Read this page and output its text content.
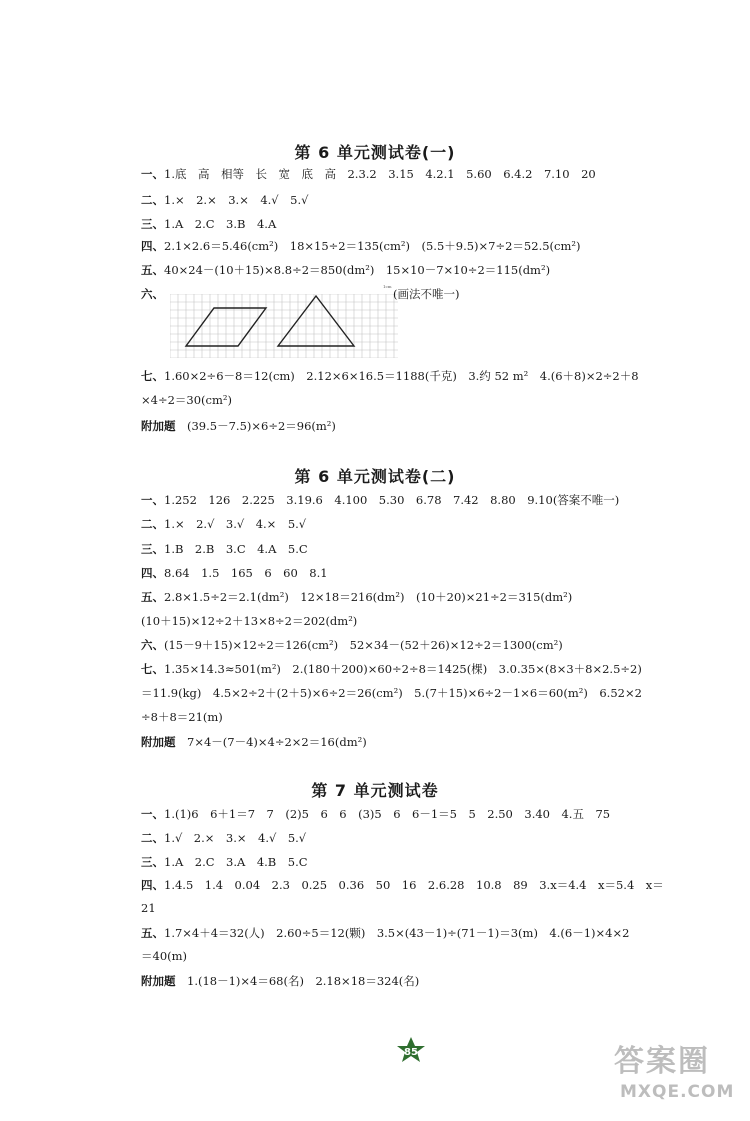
第 6 单元测试卷(一)
一、1.底　高　相等　长　宽　底　高　2.3.2　3.15　4.2.1　5.60　6.4.2　7.10　20
二、1.×　2.×　3.×　4.√　5.√
三、1.A　2.C　3.B　4.A
四、2.1×2.6＝5.46(cm²)　18×15÷2＝135(cm²)　(5.5＋9.5)×7÷2＝52.5(cm²)
五、40×24－(10＋15)×8.8÷2＝850(dm²)　15×10－7×10÷2＝115(dm²)
六、
1cm
(画法不唯一)
七、1.60×2÷6－8＝12(cm)　2.12×6×16.5＝1188(千克)　3.约 52 m²　4.(6＋8)×2÷2＋8
×4÷2＝30(cm²)
附加题　(39.5－7.5)×6÷2＝96(m²)
第 6 单元测试卷(二)
一、1.252　126　2.225　3.19.6　4.100　5.30　6.78　7.42　8.80　9.10(答案不唯一)
二、1.×　2.√　3.√　4.×　5.√
三、1.B　2.B　3.C　4.A　5.C
四、8.64　1.5　165　6　60　8.1
五、2.8×1.5÷2＝2.1(dm²)　12×18＝216(dm²)　(10＋20)×21÷2＝315(dm²)
(10＋15)×12÷2＋13×8÷2＝202(dm²)
六、(15－9＋15)×12÷2＝126(cm²)　52×34－(52＋26)×12÷2＝1300(cm²)
七、1.35×14.3≈501(m²)　2.(180＋200)×60÷2÷8＝1425(棵)　3.0.35×(8×3＋8×2.5÷2)
＝11.9(kg)　4.5×2÷2＋(2＋5)×6÷2＝26(cm²)　5.(7＋15)×6÷2－1×6＝60(m²)　6.52×2
÷8＋8＝21(m)
附加题　7×4－(7－4)×4÷2×2＝16(dm²)
第 7 单元测试卷
一、1.(1)6　6＋1＝7　7　(2)5　6　6　(3)5　6　6－1＝5　5　2.50　3.40　4.五　75
二、1.√　2.×　3.×　4.√　5.√
三、1.A　2.C　3.A　4.B　5.C
四、1.4.5　1.4　0.04　2.3　0.25　0.36　50　16　2.6.28　10.8　89　3.x＝4.4　x＝5.4　x＝
21
五、1.7×4＋4＝32(人)　2.60÷5＝12(颗)　3.5×(43－1)÷(71－1)＝3(m)　4.(6－1)×4×2
＝40(m)
附加题　1.(18－1)×4＝68(名)　2.18×18＝324(名)
85	答案圈
MXQE.COM
